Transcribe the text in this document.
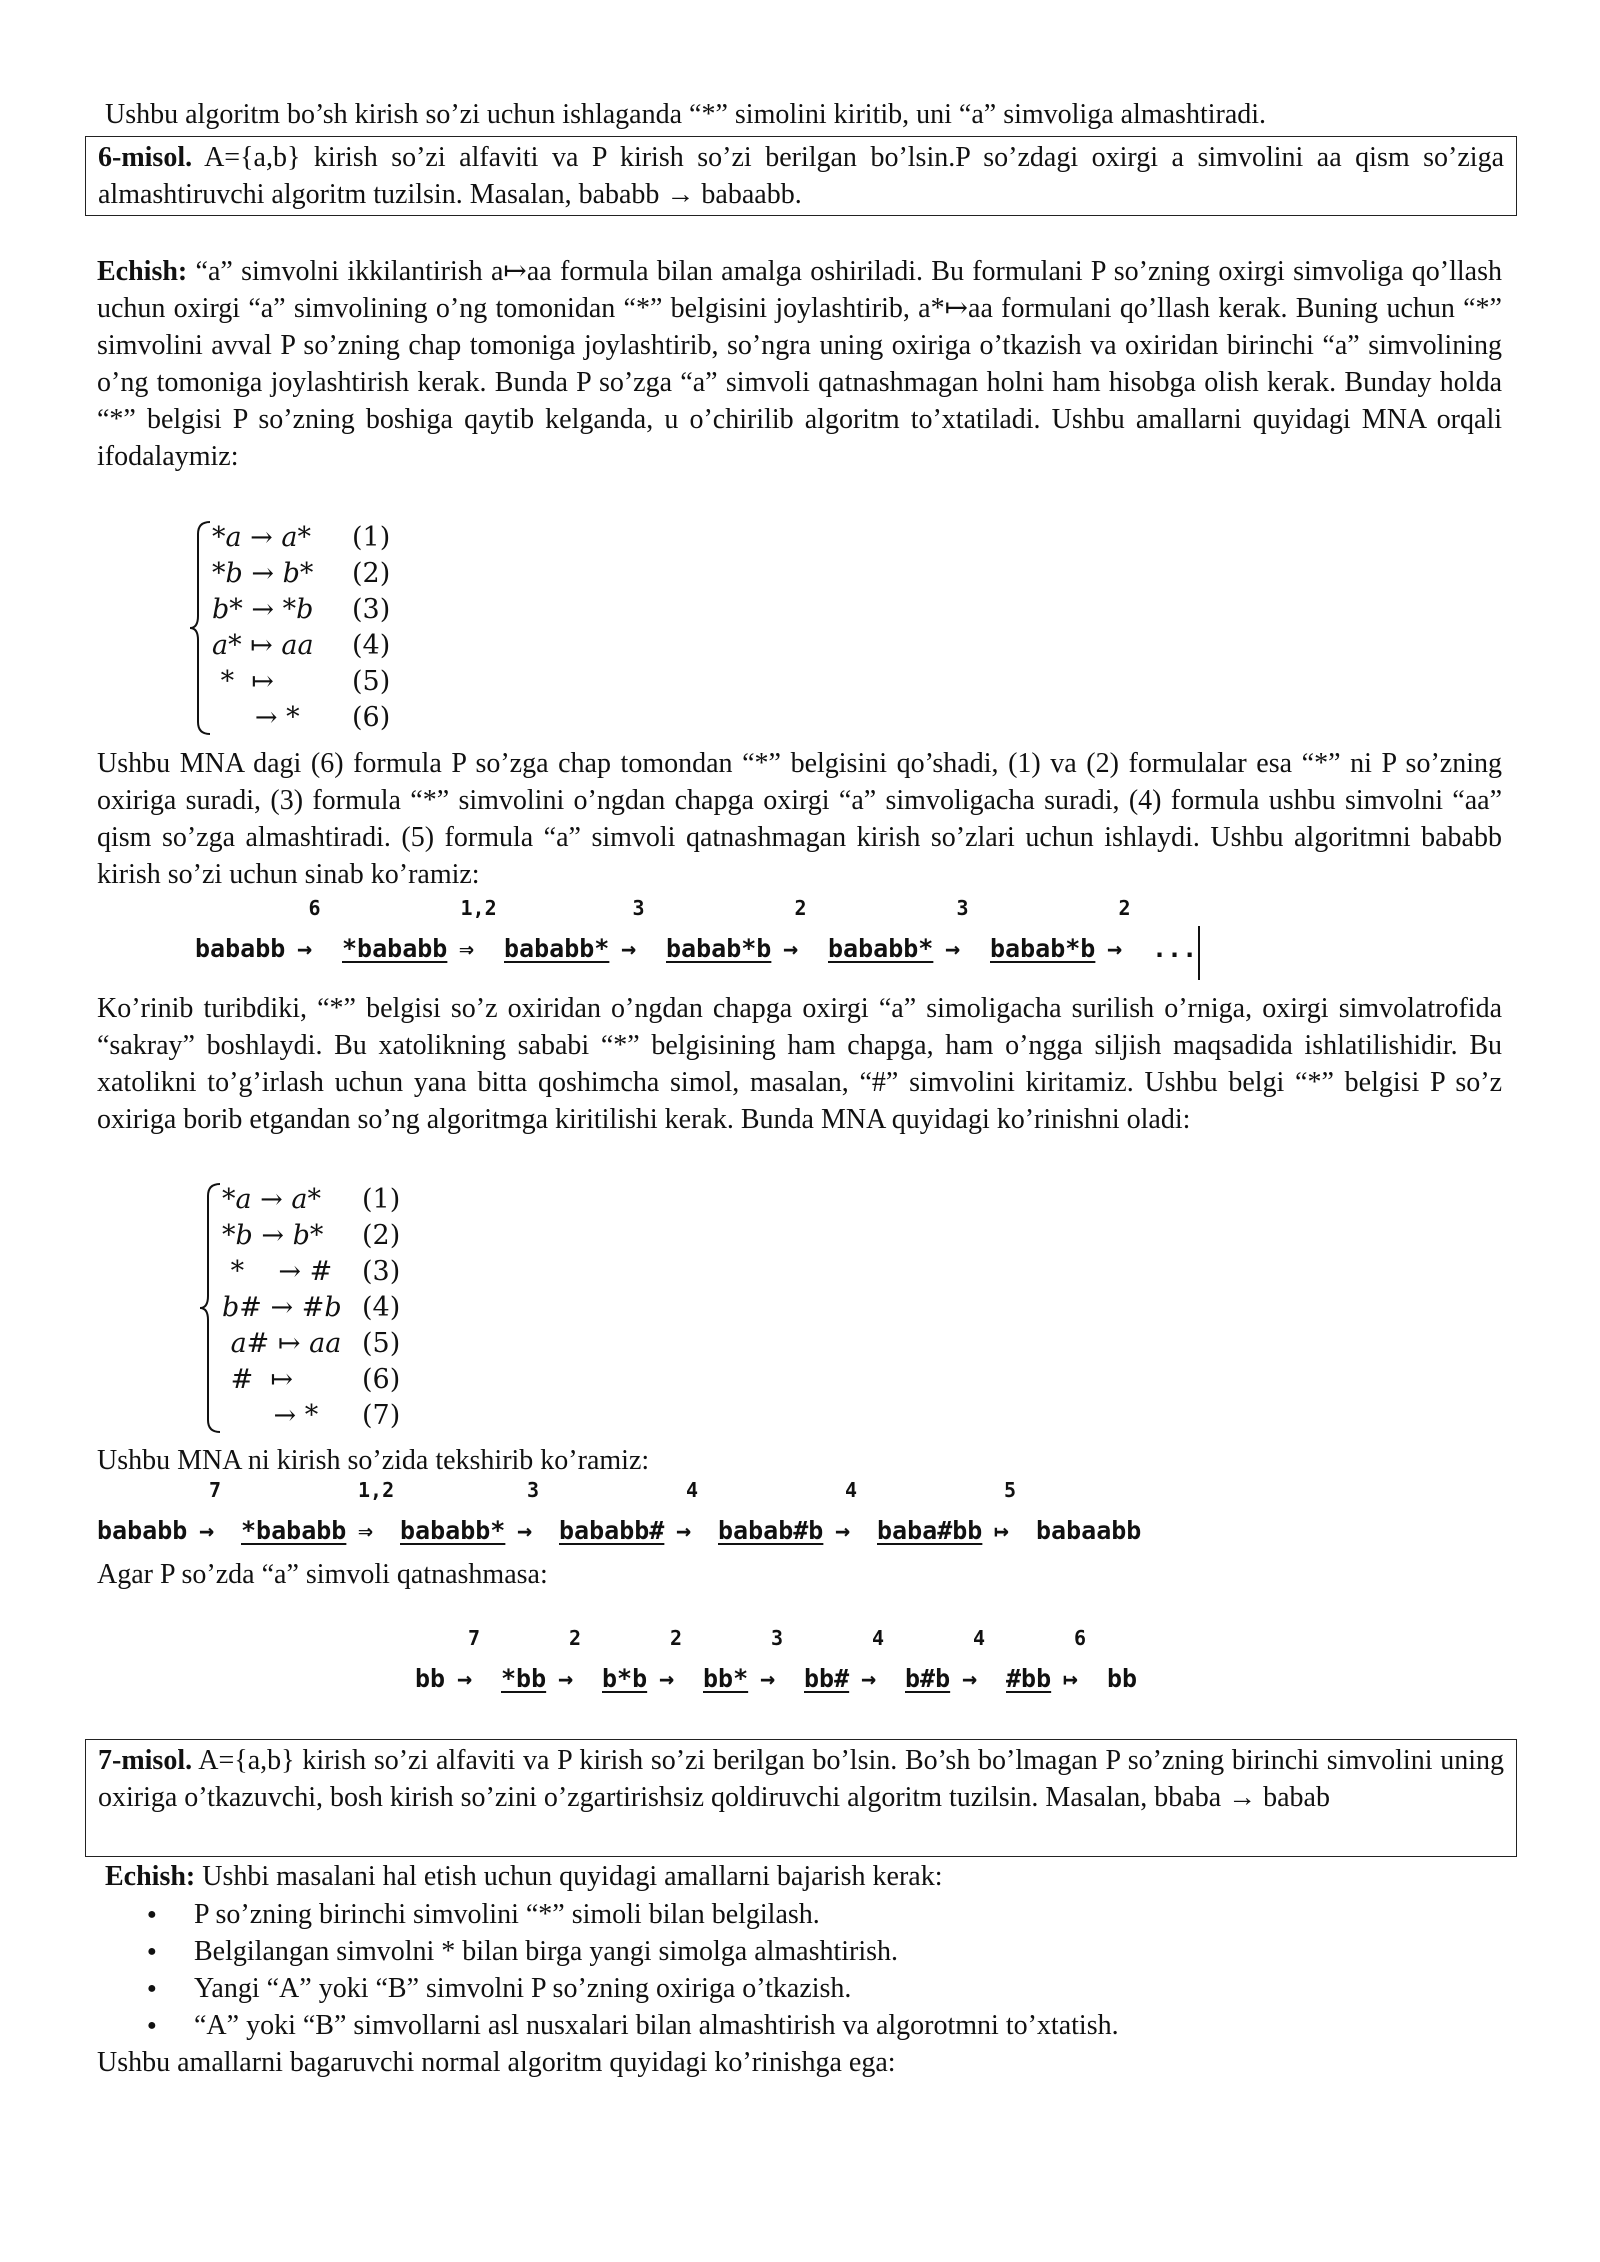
Ushbu algoritm bo’sh kirish so’zi uchun ishlaganda “*” simolini kiritib, uni “a” simvoliga almashtiradi.
6-misol. A={a,b} kirish so’zi alfaviti va P kirish so’zi berilgan bo’lsin.P so’zdagi oxirgi a simvolini aa qism so’ziga almashtiruvchi algoritm tuzilsin. Masalan, bababb → babaabb.

Echish: “a” simvolni ikkilantirish a↦aa formula bilan amalga oshiriladi. Bu formulani P so’zning oxirgi simvoliga qo’llash uchun oxirgi “a” simvolining o’ng tomonidan “*” belgisini joylashtirib, a*↦aa formulani qo’llash kerak. Buning uchun “*” simvolini avval P so’zning chap tomoniga joylashtirib, so’ngra uning oxiriga o’tkazish va oxiridan birinchi “a” simvolining o’ng tomoniga joylashtirish kerak. Bunda P so’zga “a” simvoli qatnashmagan holni ham hisobga olish kerak. Bunday holda “*” belgisi P so’zning boshiga qaytib kelganda, u o’chirilib algoritm to’xtatiladi. Ushbu amallarni quyidagi MNA orqali ifodalaymiz:

*a → a* (1)
*b → b* (2)
b* → *b (3)
a* ↦ aa (4)
*  ↦	(5)
→ * (6)

Ushbu MNA dagi (6) formula P so’zga chap tomondan “*” belgisini qo’shadi, (1) va (2) formulalar esa “*” ni P so’zning oxiriga suradi, (3) formula “*” simvolini o’ngdan chapga oxirgi “a” simvoligacha suradi, (4) formula ushbu simvolni “aa” qism so’zga almashtiradi. (5) formula “a” simvoli qatnashmagan kirish so’zlari uchun ishlaydi. Ushbu algoritmni bababb kirish so’zi uchun sinab ko’ramiz:

6	1,2	3	2	3	2
bababb → *bababb ⇒ bababb* → babab*b → bababb* → babab*b → ...

Ko’rinib turibdiki, “*” belgisi so’z oxiridan o’ngdan chapga oxirgi “a” simoligacha surilish o’rniga, oxirgi simvolatrofida “sakray” boshlaydi. Bu xatolikning sababi “*” belgisining ham chapga, ham o’ngga siljish maqsadida ishlatilishidir. Bu xatolikni to’g’irlash uchun yana bitta qoshimcha simol, masalan, “#” simvolini kiritamiz. Ushbu belgi “*” belgisi P so’z oxiriga borib etgandan so’ng algoritmga kiritilishi kerak. Bunda MNA quyidagi ko’rinishni oladi:

*a → a* (1)
*b → b* (2)
*    → # (3)
b# → #b (4)
a# ↦ aa (5)
#  ↦	(6)
→ * (7)
Ushbu MNA ni kirish so’zida tekshirib ko’ramiz:
7	1,2	3	4	4	5
bababb → *bababb ⇒ bababb* → bababb# → babab#b → baba#bb ↦ babaabb
Agar P so’zda “a” simvoli qatnashmasa:
7	2	2	3	4	4	6
bb → *bb → b*b → bb* → bb# → b#b → #bb ↦ bb
7-misol. A={a,b} kirish so’zi alfaviti va P kirish so’zi berilgan bo’lsin. Bo’sh bo’lmagan P so’zning birinchi simvolini uning oxiriga o’tkazuvchi, bosh kirish so’zini o’zgartirishsiz qoldiruvchi algoritm tuzilsin. Masalan, bbaba → babab
Echish: Ushbi masalani hal etish uchun quyidagi amallarni bajarish kerak:
● P so’zning birinchi simvolini “*” simoli bilan belgilash.
● Belgilangan simvolni * bilan birga yangi simolga almashtirish.
● Yangi “A” yoki “B” simvolni P so’zning oxiriga o’tkazish.
● “A” yoki “B” simvollarni asl nusxalari bilan almashtirish va algorotmni to’xtatish.
Ushbu amallarni bagaruvchi normal algoritm quyidagi ko’rinishga ega:
